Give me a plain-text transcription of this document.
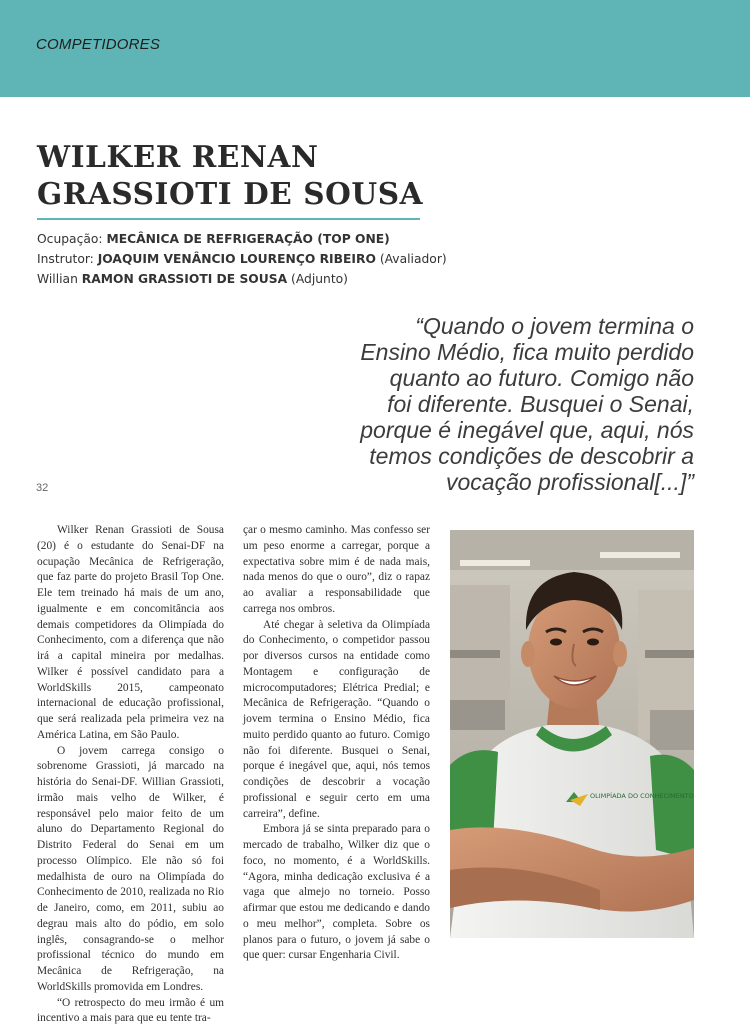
COMPETIDORES
WILKER RENAN
GRASSIOTI DE SOUSA
Ocupação: MECÂNICA DE REFRIGERAÇÃO (TOP ONE)
Instrutor: JOAQUIM VENÂNCIO LOURENÇO RIBEIRO (Avaliador)
Willian RAMON GRASSIOTI DE SOUSA (Adjunto)
“Quando o jovem termina o
Ensino Médio, fica muito perdido
quanto ao futuro. Comigo não
foi diferente. Busquei o Senai,
porque é inegável que, aqui, nós
temos condições de descobrir a
vocação profissional[...]”
32

Wilker Renan Grassioti de Sousa (20) é o estudante do Senai-DF na ocupação Mecânica de Refrigeração, que faz parte do projeto Brasil Top One. Ele tem treinado há mais de um ano, igualmente e em concomitância aos demais competidores da Olimpíada do Conhecimento, com a diferença que não irá a capital mineira por medalhas. Wilker é possível candidato para a WorldSkills 2015, campeonato internacional de educação profissional, que será realizada pela primeira vez na América Latina, em São Paulo.

O jovem carrega consigo o sobrenome Grassioti, já marcado na história do Senai-DF. Willian Grassioti, irmão mais velho de Wilker, é responsável pelo maior feito de um aluno do Departamento Regional do Distrito Federal do Senai em um processo Olímpico. Ele não só foi medalhista de ouro na Olimpíada do Conhecimento de 2010, realizada no Rio de Janeiro, como, em 2011, subiu ao degrau mais alto do pódio, em solo inglês, consagrando-se o melhor profissional técnico do mundo em Mecânica de Refrigeração, na WorldSkills promovida em Londres.

“O retrospecto do meu irmão é um incentivo a mais para que eu tente tra-

çar o mesmo caminho. Mas confesso ser um peso enorme a carregar, porque a expectativa sobre mim é de nada mais, nada menos do que o ouro”, diz o rapaz ao avaliar a responsabilidade que carrega nos ombros.

Até chegar à seletiva da Olimpíada do Conhecimento, o competidor passou por diversos cursos na entidade como Montagem e configuração de microcomputadores; Elétrica Predial; e Mecânica de Refrigeração. “Quando o jovem termina o Ensino Médio, fica muito perdido quanto ao futuro. Comigo não foi diferente. Busquei o Senai, porque é inegável que, aqui, nós temos condições de descobrir a vocação profissional e seguir certo em uma carreira”, define.

Embora já se sinta preparado para o mercado de trabalho, Wilker diz que o foco, no momento, é a WorldSkills. “Agora, minha dedicação exclusiva é a vaga que almejo no torneio. Posso afirmar que estou me dedicando e dando o meu melhor”, completa. Sobre os planos para o futuro, o jovem já sabe o que quer: cursar Engenharia Civil.

OLIMPÍADA DO CONHECIMENTO
